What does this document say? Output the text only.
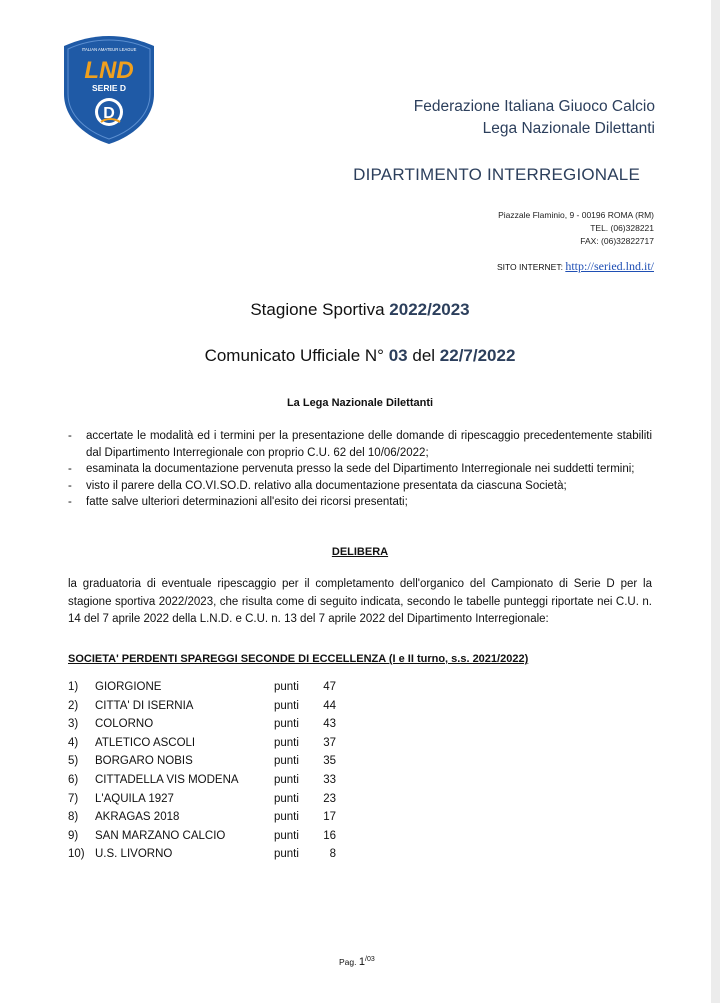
ITALIAN AMATEUR LEAGUE
LND
SERIE D
D	Federazione Italiana Giuoco Calcio
Lega Nazionale Dilettanti
DIPARTIMENTO INTERREGIONALE
Piazzale Flaminio, 9 - 00196 ROMA (RM)
TEL. (06)328221
FAX: (06)32822717
SITO INTERNET: http://seried.lnd.it/
Stagione Sportiva 2022/2023
Comunicato Ufficiale N° 03 del 22/7/2022
La Lega Nazionale Dilettanti
- accertate le modalità ed i termini per la presentazione delle domande di ripescaggio precedentemente stabiliti dal Dipartimento Interregionale con proprio C.U. 62 del 10/06/2022;
- esaminata la documentazione pervenuta presso la sede del Dipartimento Interregionale nei suddetti termini;
- visto il parere della CO.VI.SO.D. relativo alla documentazione presentata da ciascuna Società;
- fatte salve ulteriori determinazioni all'esito dei ricorsi presentati;
DELIBERA
la graduatoria di eventuale ripescaggio per il completamento dell'organico del Campionato di Serie D per la stagione sportiva 2022/2023, che risulta come di seguito indicata, secondo le tabelle punteggi riportate nei C.U. n. 14 del 7 aprile 2022 della L.N.D. e C.U. n. 13 del 7 aprile 2022 del Dipartimento Interregionale:
SOCIETA' PERDENTI SPAREGGI SECONDE DI ECCELLENZA (I e II turno, s.s. 2021/2022)
1) GIORGIONE	punti	47
2) CITTA' DI ISERNIA	punti	44
3) COLORNO	punti	43
4) ATLETICO ASCOLI	punti	37
5) BORGARO NOBIS	punti	35
6) CITTADELLA VIS MODENA	punti	33
7) L'AQUILA 1927	punti	23
8) AKRAGAS 2018	punti	17
9) SAN MARZANO CALCIO	punti	16
10) U.S. LIVORNO	punti	8
Pag. $1^{/03}$
